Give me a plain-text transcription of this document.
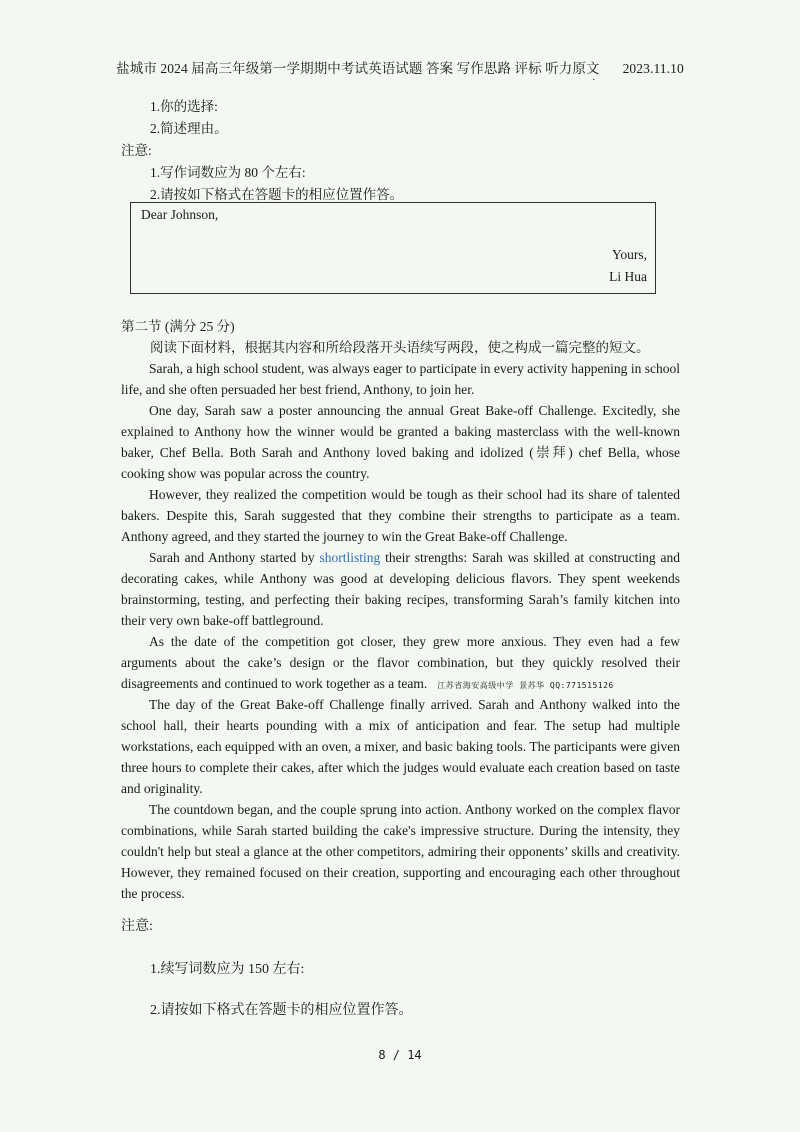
盐城市 2024 届高三年级第一学期期中考试英语试题 答案 写作思路 评标 听力原文 2023.11.10
·
1.你的选择:
2.简述理由。
注意:
1.写作词数应为 80 个左右:
2.请按如下格式在答题卡的相应位置作答。
Dear Johnson,
Yours,
Li Hua
第二节 (满分 25 分)
阅读下面材料，根据其内容和所给段落开头语续写两段，使之构成一篇完整的短文。

Sarah, a high school student, was always eager to participate in every activity happening in school life, and she often persuaded her best friend, Anthony, to join her.

One day, Sarah saw a poster announcing the annual Great Bake-off Challenge. Excitedly, she explained to Anthony how the winner would be granted a baking masterclass with the well-known baker, Chef Bella. Both Sarah and Anthony loved baking and idolized (崇拜) chef Bella, whose cooking show was popular across the country.

However, they realized the competition would be tough as their school had its share of talented bakers. Despite this, Sarah suggested that they combine their strengths to participate as a team. Anthony agreed, and they started the journey to win the Great Bake-off Challenge.

Sarah and Anthony started by shortlisting their strengths: Sarah was skilled at constructing and decorating cakes, while Anthony was good at developing delicious flavors. They spent weekends brainstorming, testing, and perfecting their baking recipes, transforming Sarah’s family kitchen into their very own bake-off battleground.

As the date of the competition got closer, they grew more anxious. They even had a few arguments about the cake’s design or the flavor combination, but they quickly resolved their disagreements and continued to work together as a team. 江苏省海安高级中学 景苏华 QQ:771515126

The day of the Great Bake-off Challenge finally arrived. Sarah and Anthony walked into the school hall, their hearts pounding with a mix of anticipation and fear. The setup had multiple workstations, each equipped with an oven, a mixer, and basic baking tools. The participants were given three hours to complete their cakes, after which the judges would evaluate each creation based on taste and originality.

The countdown began, and the couple sprung into action. Anthony worked on the complex flavor combinations, while Sarah started building the cake's impressive structure. During the intensity, they couldn't help but steal a glance at the other competitors, admiring their opponents’ skills and creativity. However, they remained focused on their creation, supporting and encouraging each other throughout the process.

注意:
1.续写词数应为 150 左右:
2.请按如下格式在答题卡的相应位置作答。
8 / 14
